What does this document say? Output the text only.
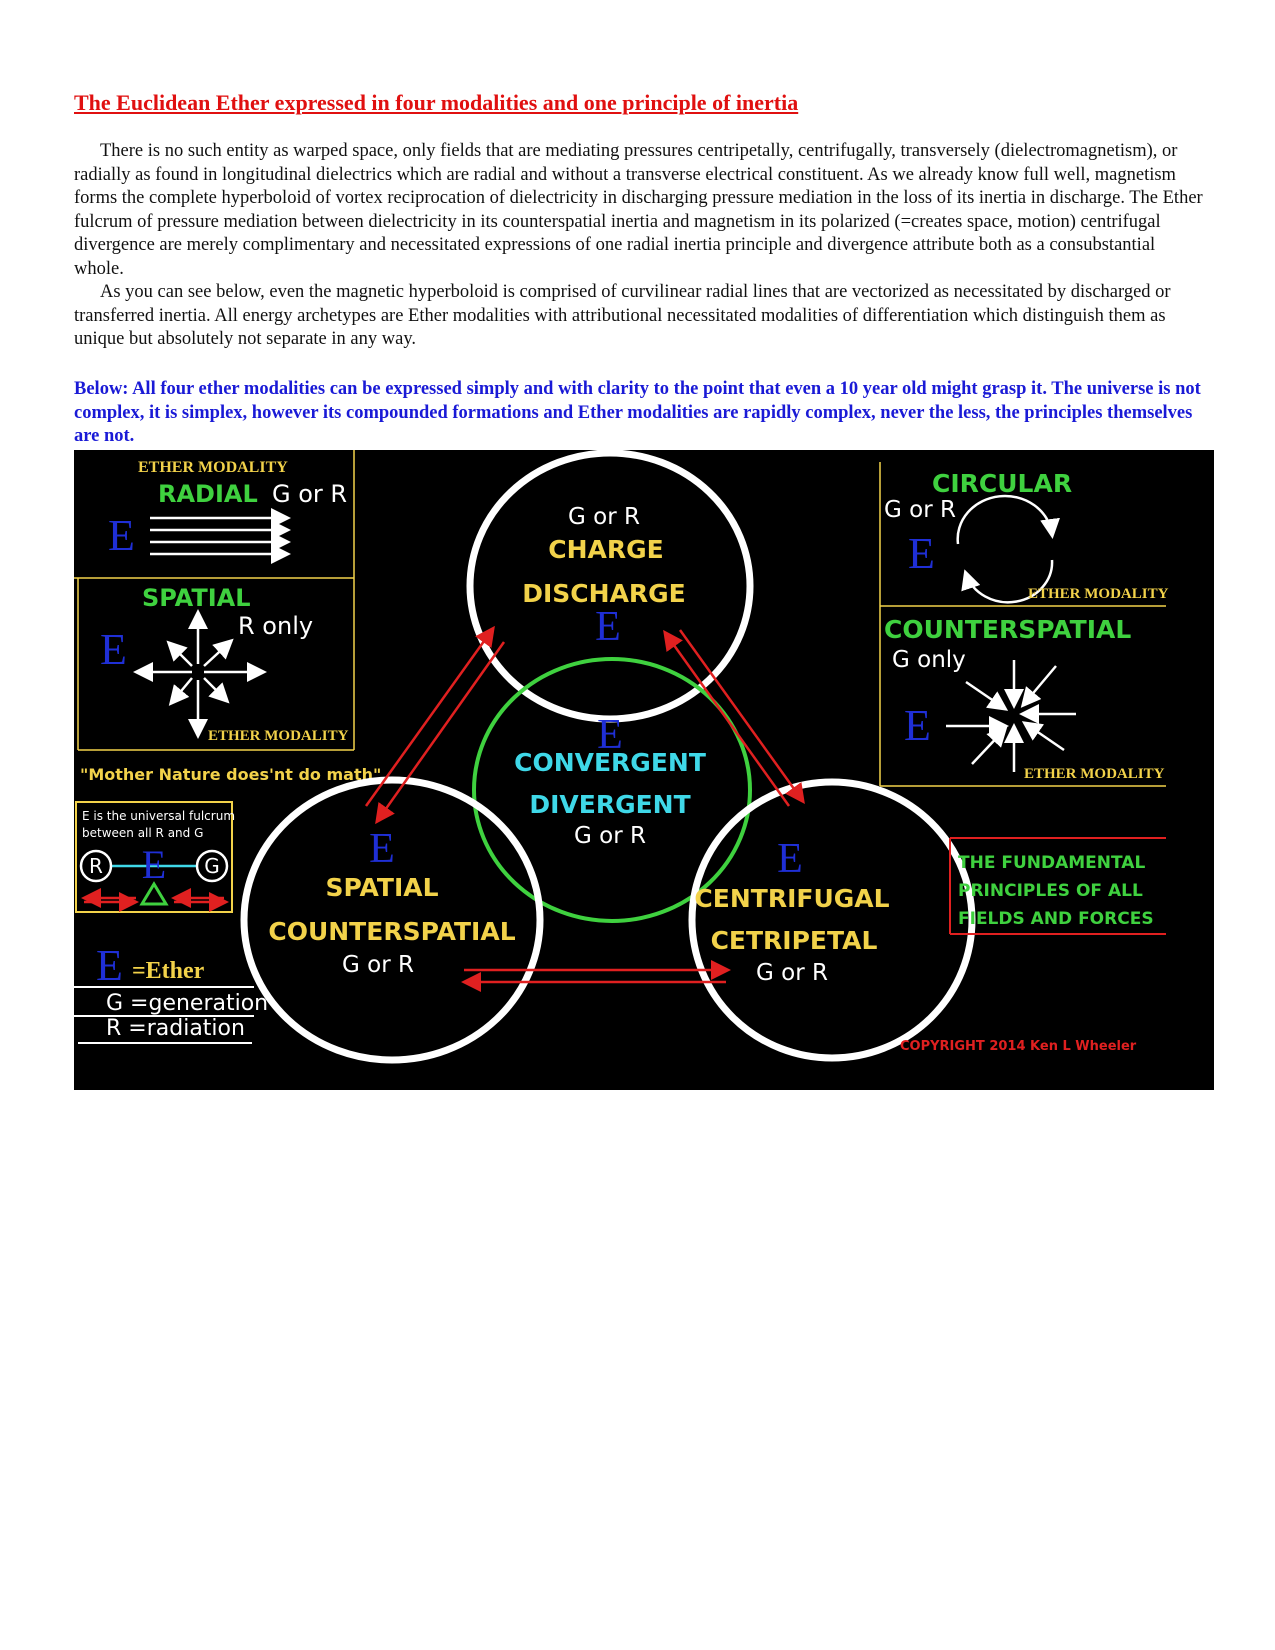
The Euclidean Ether expressed in four modalities and one principle of inertia

There is no such entity as warped space, only fields that are mediating pressures centripetally, centrifugally, transversely (dielectromagnetism), or radially as found in longitudinal dielectrics which are radial and without a transverse electrical constituent. As we already know full well, magnetism forms the complete hyperboloid of vortex reciprocation of dielectricity in discharging pressure mediation in the loss of its inertia in discharge. The Ether fulcrum of pressure mediation between dielectricity in its counterspatial inertia and magnetism in its polarized (=creates space, motion) centrifugal divergence are merely complimentary and necessitated expressions of one radial inertia principle and divergence attribute both as a consubstantial whole.

As you can see below, even the magnetic hyperboloid is comprised of curvilinear radial lines that are vectorized as necessitated by discharged or transferred inertia. All energy archetypes are Ether modalities with attributional necessitated modalities of differentiation which distinguish them as unique but absolutely not separate in any way.

Below: All four ether modalities can be expressed simply and with clarity to the point that even a 10 year old might grasp it. The universe is not complex, it is simplex, however its compounded formations and Ether modalities are rapidly complex, never the less, the principles themselves are not.
ETHER MODALITY
RADIAL G or R
E
SPATIAL
R only
E
ETHER MODALITY
"Mother Nature does'nt do math"
E is the universal fulcrum
between all R and G
R E G
E =Ether
G =generation
R =radiation
G or R
CHARGE
DISCHARGE
E
E
CONVERGENT
DIVERGENT
G or R
E
SPATIAL
COUNTERSPATIAL
G or R
E
CENTRIFUGAL
CETRIPETAL
G or R
CIRCULAR
G or R
E
ETHER MODALITY
COUNTERSPATIAL
G only
E
ETHER MODALITY
THE FUNDAMENTAL
PRINCIPLES OF ALL
FIELDS AND FORCES
COPYRIGHT 2014 Ken L Wheeler
